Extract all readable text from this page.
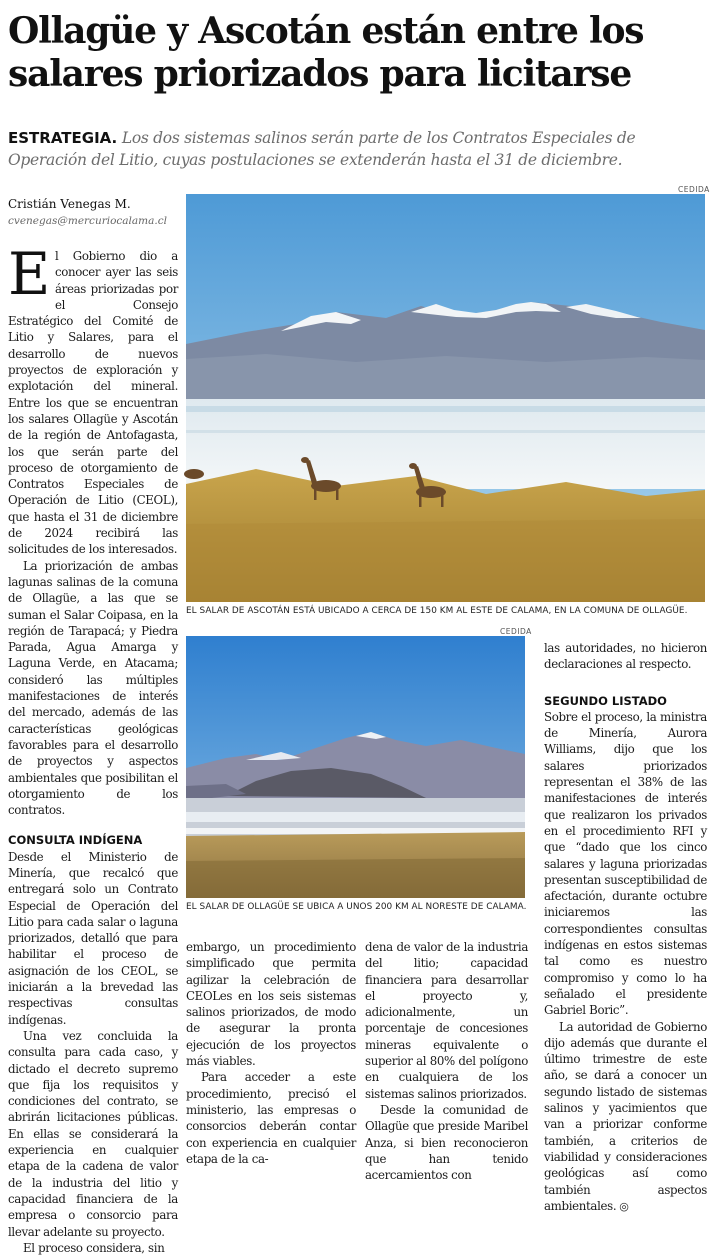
Ollagüe y Ascotán están entre los salares priorizados para licitarse
ESTRATEGIA. Los dos sistemas salinos serán parte de los Contratos Especiales de Operación del Litio, cuyas postulaciones se extenderán hasta el 31 de diciembre.
Cristián Venegas M.
cvenegas@mercuriocalama.cl
CEDIDA
EL SALAR DE ASCOTÁN ESTÁ UBICADO A CERCA DE 150 KM AL ESTE DE CALAMA, EN LA COMUNA DE OLLAGÜE.
CEDIDA
EL SALAR DE OLLAGÜE SE UBICA A UNOS 200 KM AL NORESTE DE CALAMA.

El Gobierno dio a conocer ayer las seis áreas priorizadas por el Consejo Estratégico del Comité de Litio y Salares, para el desarrollo de nuevos proyectos de exploración y explotación del mineral. Entre los que se encuentran los salares Ollagüe y Ascotán de la región de Antofagasta, los que serán parte del proceso de otorgamiento de Contratos Especiales de Operación de Litio (CEOL), que hasta el 31 de diciembre de 2024 recibirá las solicitudes de los interesados.

La priorización de ambas lagunas salinas de la comuna de Ollagüe, a las que se suman el Salar Coipasa, en la región de Tarapacá; y Piedra Parada, Agua Amarga y Laguna Verde, en Atacama; consideró las múltiples manifestaciones de interés del mercado, además de las características geológicas favorables para el desarrollo de proyectos y aspectos ambientales que posibilitan el otorgamiento de los contratos.

CONSULTA INDÍGENA

Desde el Ministerio de Minería, que recalcó que entregará solo un Contrato Especial de Operación del Litio para cada salar o laguna priorizados, detalló que para habilitar el proceso de asignación de los CEOL, se iniciarán a la brevedad las respectivas consultas indígenas.

Una vez concluida la consulta para cada caso, y dictado el decreto supremo que fija los requisitos y condiciones del contrato, se abrirán licitaciones públicas. En ellas se considerará la experiencia en cualquier etapa de la cadena de valor de la industria del litio y capacidad financiera de la empresa o consorcio para llevar adelante su proyecto.

El proceso considera, sin

embargo, un procedimiento simplificado que permita agilizar la celebración de CEOLes en los seis sistemas salinos priorizados, de modo de asegurar la pronta ejecución de los proyectos más viables.

Para acceder a este procedimiento, precisó el ministerio, las empresas o consorcios deberán contar con experiencia en cualquier etapa de la ca-

dena de valor de la industria del litio; capacidad financiera para desarrollar el proyecto y, adicionalmente, un porcentaje de concesiones mineras equivalente o superior al 80% del polígono en cualquiera de los sistemas salinos priorizados.

Desde la comunidad de Ollagüe que preside Maribel Anza, si bien reconocieron que han tenido acercamientos con

las autoridades, no hicieron declaraciones al respecto.

SEGUNDO LISTADO

Sobre el proceso, la ministra de Minería, Aurora Williams, dijo que los salares priorizados representan el 38% de las manifestaciones de interés que realizaron los privados en el procedimiento RFI y que “dado que los cinco salares y laguna priorizadas presentan susceptibilidad de afectación, durante octubre iniciaremos las correspondientes consultas indígenas en estos sistemas tal como es nuestro compromiso y como lo ha señalado el presidente Gabriel Boric”.

La autoridad de Gobierno dijo además que durante el último trimestre de este año, se dará a conocer un segundo listado de sistemas salinos y yacimientos que van a priorizar conforme también, a criterios de viabilidad y consideraciones geológicas así como también aspectos ambientales. ◎
